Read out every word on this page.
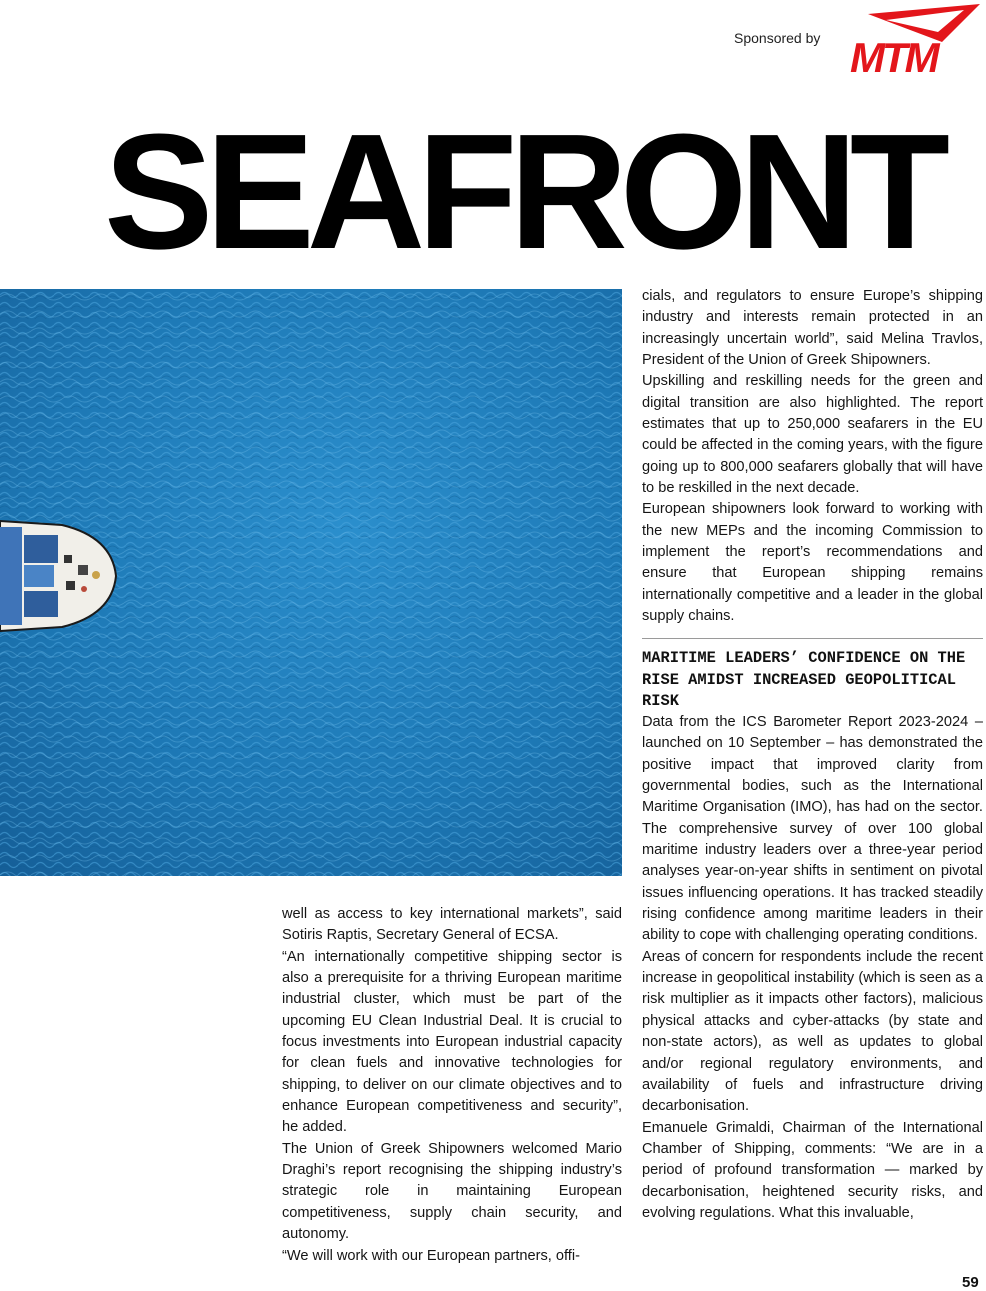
Sponsored by MTM
SEAFRONT

well as access to key international markets”, said Sotiris Raptis, Secretary General of ECSA.

“An internationally competitive shipping sector is also a prerequisite for a thriving European maritime industrial cluster, which must be part of the upcoming EU Clean Industrial Deal. It is crucial to focus investments into European industrial capacity for clean fuels and innovative technologies for shipping, to deliver on our climate objectives and to enhance European competitiveness and security”, he added.

The Union of Greek Shipowners welcomed Mario Draghi’s report recognising the shipping industry’s strategic role in maintaining European competitiveness, supply chain security, and autonomy.

“We will work with our European partners, offi-

cials, and regulators to ensure Europe’s shipping industry and interests remain protected in an increasingly uncertain world”, said Melina Travlos, President of the Union of Greek Shipowners.

Upskilling and reskilling needs for the green and digital transition are also highlighted. The report estimates that up to 250,000 seafarers in the EU could be affected in the coming years, with the figure going up to 800,000 seafarers globally that will have to be reskilled in the next decade.

European shipowners look forward to working with the new MEPs and the incoming Commission to implement the report’s recommendations and ensure that European shipping remains internationally competitive and a leader in the global supply chains.

MARITIME LEADERS’ CONFIDENCE ON THE RISE AMIDST INCREASED GEOPOLITICAL RISK

Data from the ICS Barometer Report 2023-2024 – launched on 10 September – has demonstrated the positive impact that improved clarity from governmental bodies, such as the International Maritime Organisation (IMO), has had on the sector. The comprehensive survey of over 100 global maritime industry leaders over a three-year period analyses year-on-year shifts in sentiment on pivotal issues influencing operations. It has tracked steadily rising confidence among maritime leaders in their ability to cope with challenging operating conditions.

Areas of concern for respondents include the recent increase in geopolitical instability (which is seen as a risk multiplier as it impacts other factors), malicious physical attacks and cyber-attacks (by state and non-state actors), as well as updates to global and/or regional regulatory environments, and availability of fuels and infrastructure driving decarbonisation.

Emanuele Grimaldi, Chairman of the International Chamber of Shipping, comments: “We are in a period of profound transformation — marked by decarbonisation, heightened security risks, and evolving regulations. What this invaluable,

59
